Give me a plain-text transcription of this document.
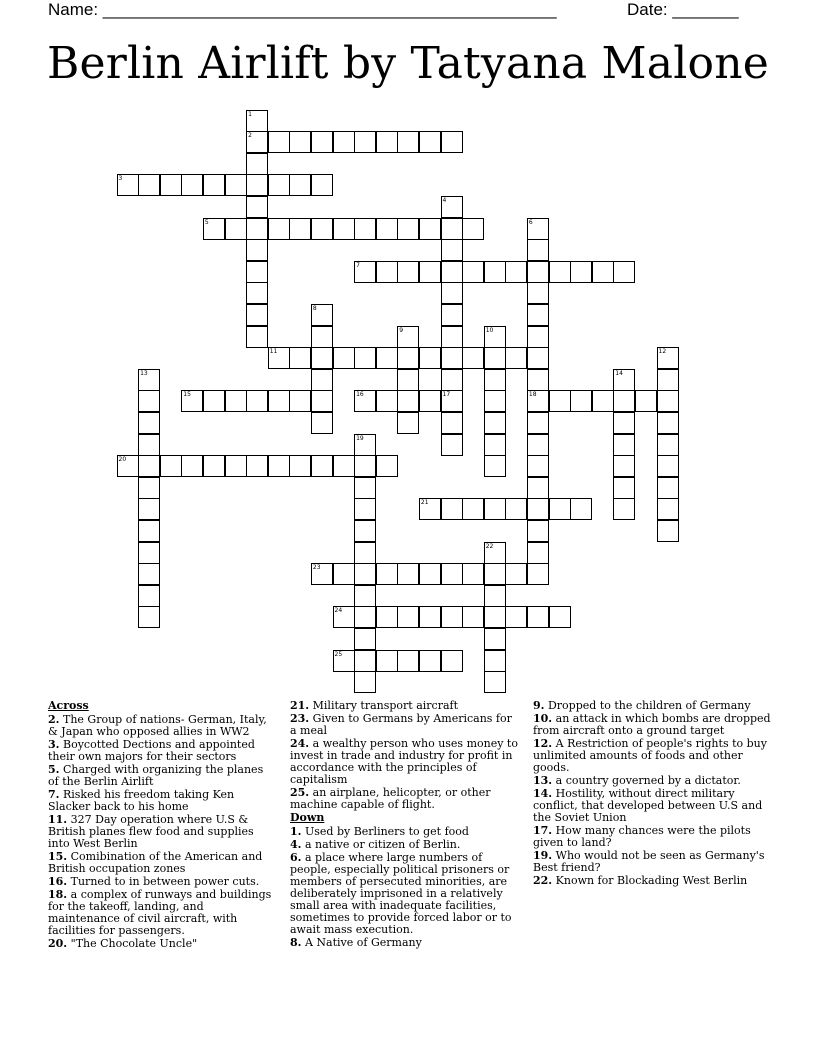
Name: ________________________________________________	Date: _______
Berlin Airlift by Tatyana Malone
1
2
3
4
5	6
18
7
8
9	10
11	12
13	14
15	16	17
19
20
21
22
23
24
25
Across
2. The Group of nations- German, Italy, & Japan who opposed allies in WW2
3. Boycotted Dections and appointed their own majors for their sectors
5. Charged with organizing the planes of the Berlin Airlift
7. Risked his freedom taking Ken Slacker back to his home
11. 327 Day operation where U.S & British planes flew food and supplies into West Berlin
15. Comibination of the American and British occupation zones
16. Turned to in between power cuts.
18. a complex of runways and buildings for the takeoff, landing, and maintenance of civil aircraft, with facilities for passengers.
20. "The Chocolate Uncle"
21. Military transport aircraft
23. Given to Germans by Americans for a meal
24. a wealthy person who uses money to invest in trade and industry for profit in accordance with the principles of capitalism
25. an airplane, helicopter, or other machine capable of flight.
Down
1. Used by Berliners to get food
4. a native or citizen of Berlin.
6. a place where large numbers of people, especially political prisoners or members of persecuted minorities, are deliberately imprisoned in a relatively small area with inadequate facilities, sometimes to provide forced labor or to await mass execution.
8. A Native of Germany
9. Dropped to the children of Germany
10. an attack in which bombs are dropped from aircraft onto a ground target
12. A Restriction of people's rights to buy unlimited amounts of foods and other goods.
13. a country governed by a dictator.
14. Hostility, without direct military conflict, that developed between U.S and the Soviet Union
17. How many chances were the pilots given to land?
19. Who would not be seen as Germany's Best friend?
22. Known for Blockading West Berlin
